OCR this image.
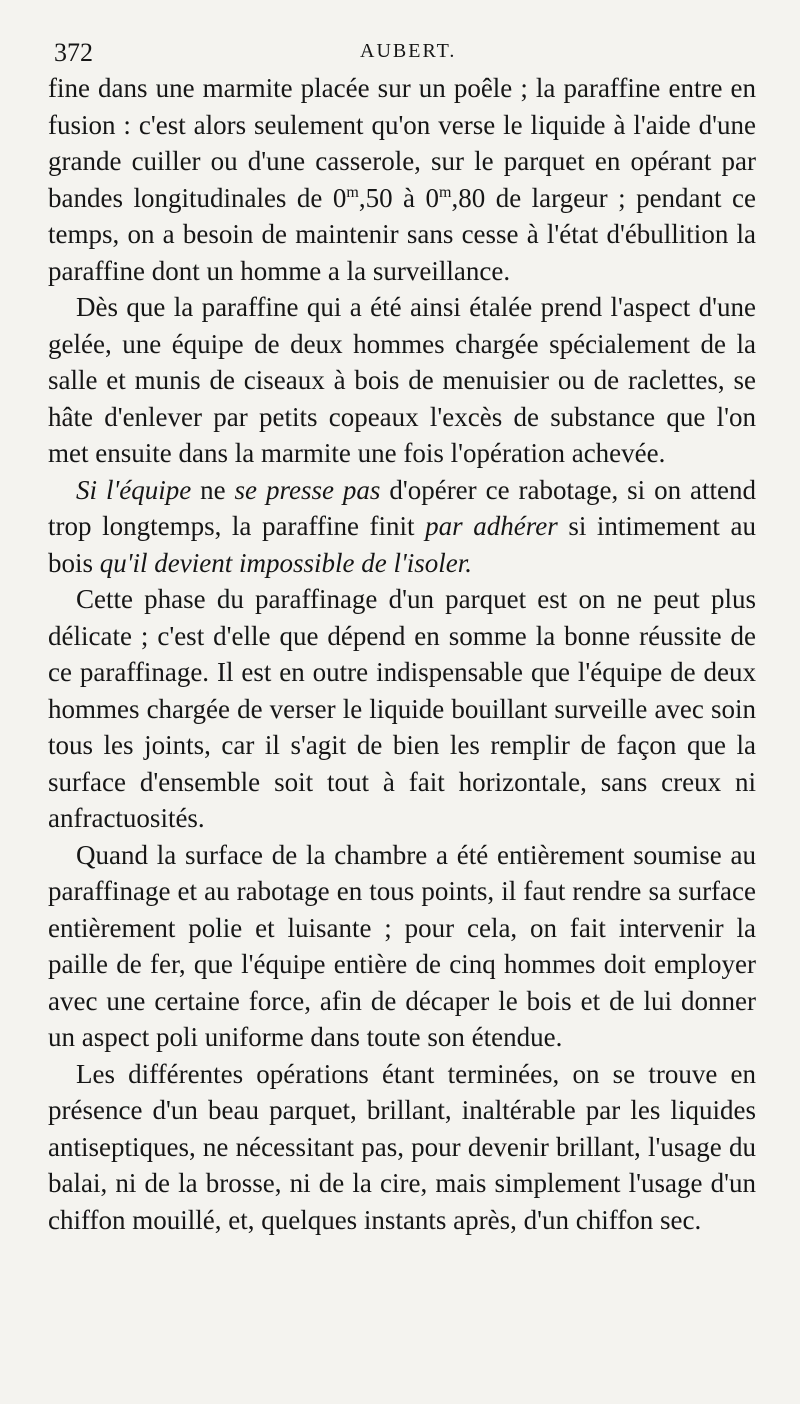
372	AUBERT.

fine dans une marmite placée sur un poêle ; la paraffine entre en fusion : c'est alors seulement qu'on verse le liquide à l'aide d'une grande cuiller ou d'une casserole, sur le parquet en opérant par bandes longitudinales de 0$^m$,50 à 0$^m$,80 de largeur ; pendant ce temps, on a besoin de maintenir sans cesse à l'état d'ébullition la paraffine dont un homme a la surveillance.

Dès que la paraffine qui a été ainsi étalée prend l'aspect d'une gelée, une équipe de deux hommes chargée spécialement de la salle et munis de ciseaux à bois de menuisier ou de raclettes, se hâte d'enlever par petits copeaux l'excès de substance que l'on met ensuite dans la marmite une fois l'opération achevée.

Si l'équipe ne se presse pas d'opérer ce rabotage, si on attend trop longtemps, la paraffine finit par adhérer si intimement au bois qu'il devient impossible de l'isoler.

Cette phase du paraffinage d'un parquet est on ne peut plus délicate ; c'est d'elle que dépend en somme la bonne réussite de ce paraffinage. Il est en outre indispensable que l'équipe de deux hommes chargée de verser le liquide bouillant surveille avec soin tous les joints, car il s'agit de bien les remplir de façon que la surface d'ensemble soit tout à fait horizontale, sans creux ni anfractuosités.

Quand la surface de la chambre a été entièrement soumise au paraffinage et au rabotage en tous points, il faut rendre sa surface entièrement polie et luisante ; pour cela, on fait intervenir la paille de fer, que l'équipe entière de cinq hommes doit employer avec une certaine force, afin de décaper le bois et de lui donner un aspect poli uniforme dans toute son étendue.

Les différentes opérations étant terminées, on se trouve en présence d'un beau parquet, brillant, inaltérable par les liquides antiseptiques, ne nécessitant pas, pour devenir brillant, l'usage du balai, ni de la brosse, ni de la cire, mais simplement l'usage d'un chiffon mouillé, et, quelques instants après, d'un chiffon sec.
